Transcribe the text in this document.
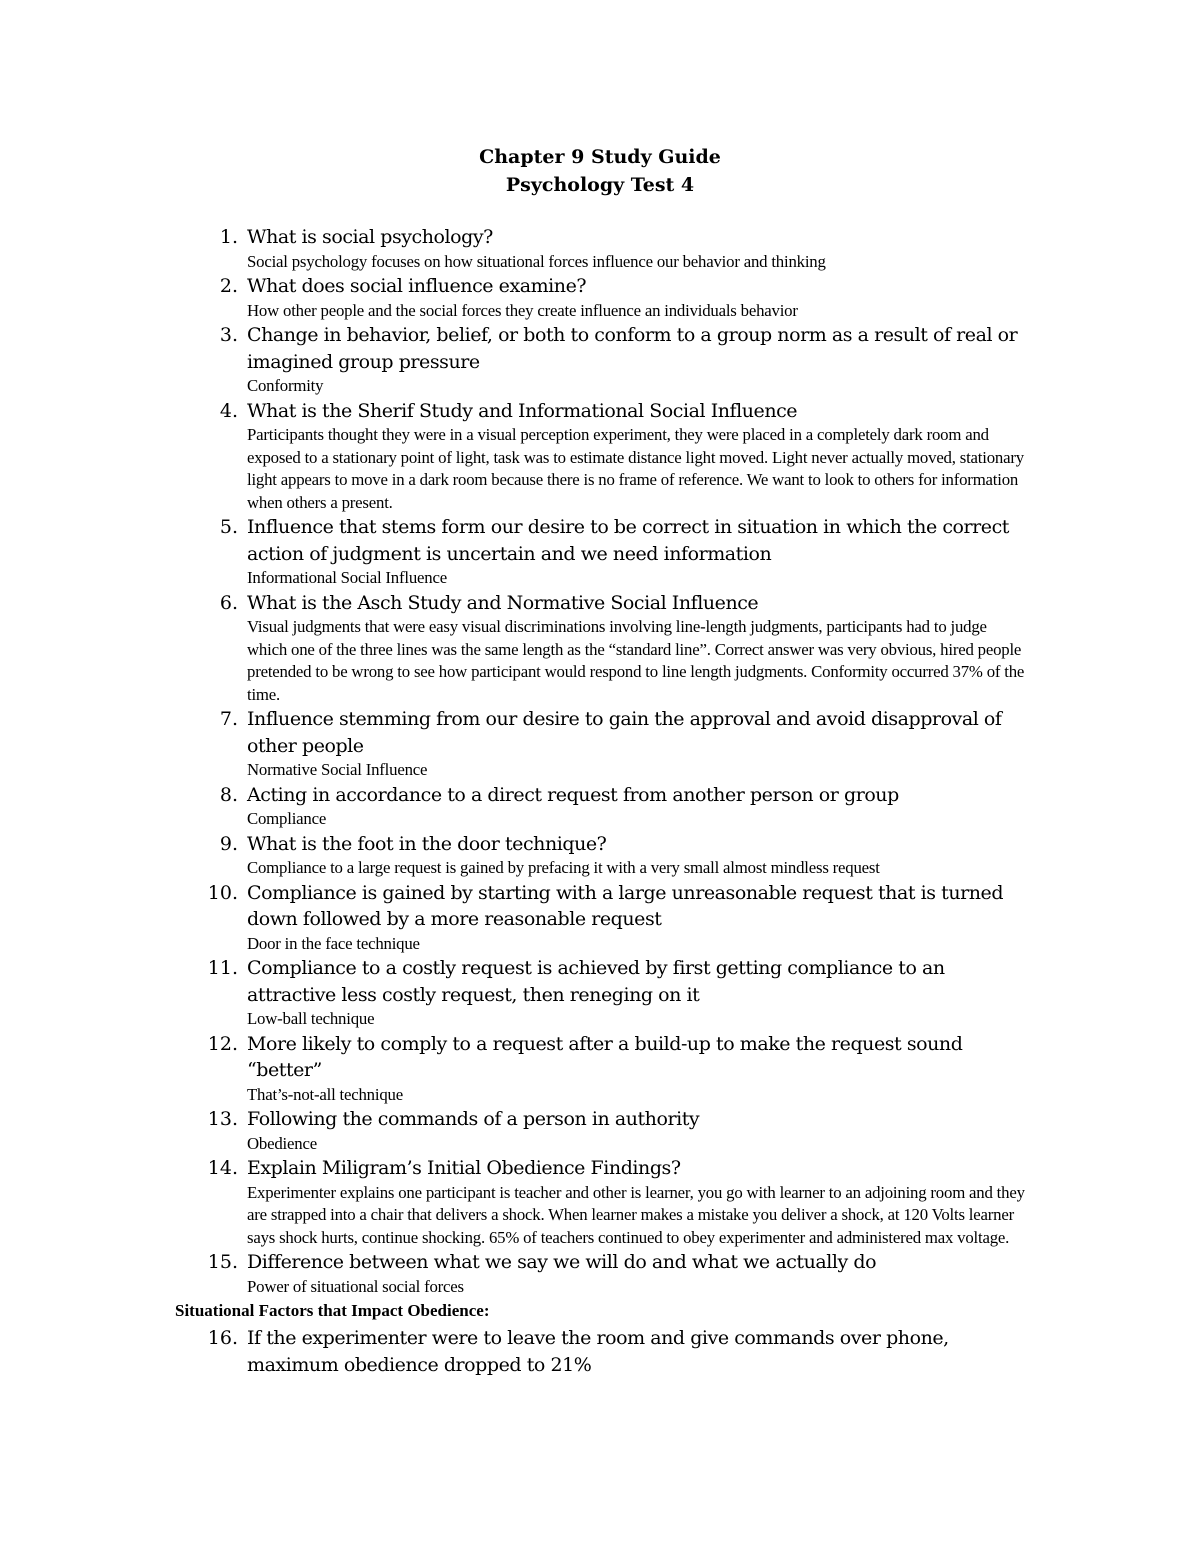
Chapter 9 Study Guide
Psychology Test 4
1. What is social psychology?
Social psychology focuses on how situational forces influence our behavior and thinking
2. What does social influence examine?
How other people and the social forces they create influence an individuals behavior
3. Change in behavior, belief, or both to conform to a group norm as a result of real or imagined group pressure
Conformity
4. What is the Sherif Study and Informational Social Influence
Participants thought they were in a visual perception experiment, they were placed in a completely dark room and exposed to a stationary point of light, task was to estimate distance light moved. Light never actually moved, stationary light appears to move in a dark room because there is no frame of reference. We want to look to others for information when others a present.
5. Influence that stems form our desire to be correct in situation in which the correct action of judgment is uncertain and we need information
Informational Social Influence
6. What is the Asch Study and Normative Social Influence
Visual judgments that were easy visual discriminations involving line-length judgments, participants had to judge which one of the three lines was the same length as the “standard line”. Correct answer was very obvious, hired people pretended to be wrong to see how participant would respond to line length judgments. Conformity occurred 37% of the time.
7. Influence stemming from our desire to gain the approval and avoid disapproval of other people
Normative Social Influence
8. Acting in accordance to a direct request from another person or group
Compliance
9. What is the foot in the door technique?
Compliance to a large request is gained by prefacing it with a very small almost mindless request
10. Compliance is gained by starting with a large unreasonable request that is turned down followed by a more reasonable request
Door in the face technique
11. Compliance to a costly request is achieved by first getting compliance to an attractive less costly request, then reneging on it
Low-ball technique
12. More likely to comply to a request after a build-up to make the request sound “better”
That’s-not-all technique
13. Following the commands of a person in authority
Obedience
14. Explain Miligram’s Initial Obedience Findings?
Experimenter explains one participant is teacher and other is learner, you go with learner to an adjoining room and they are strapped into a chair that delivers a shock. When learner makes a mistake you deliver a shock, at 120 Volts learner says shock hurts, continue shocking. 65% of teachers continued to obey experimenter and administered max voltage.
15. Difference between what we say we will do and what we actually do
Power of situational social forces
Situational Factors that Impact Obedience:
16. If the experimenter were to leave the room and give commands over phone, maximum obedience dropped to 21%
